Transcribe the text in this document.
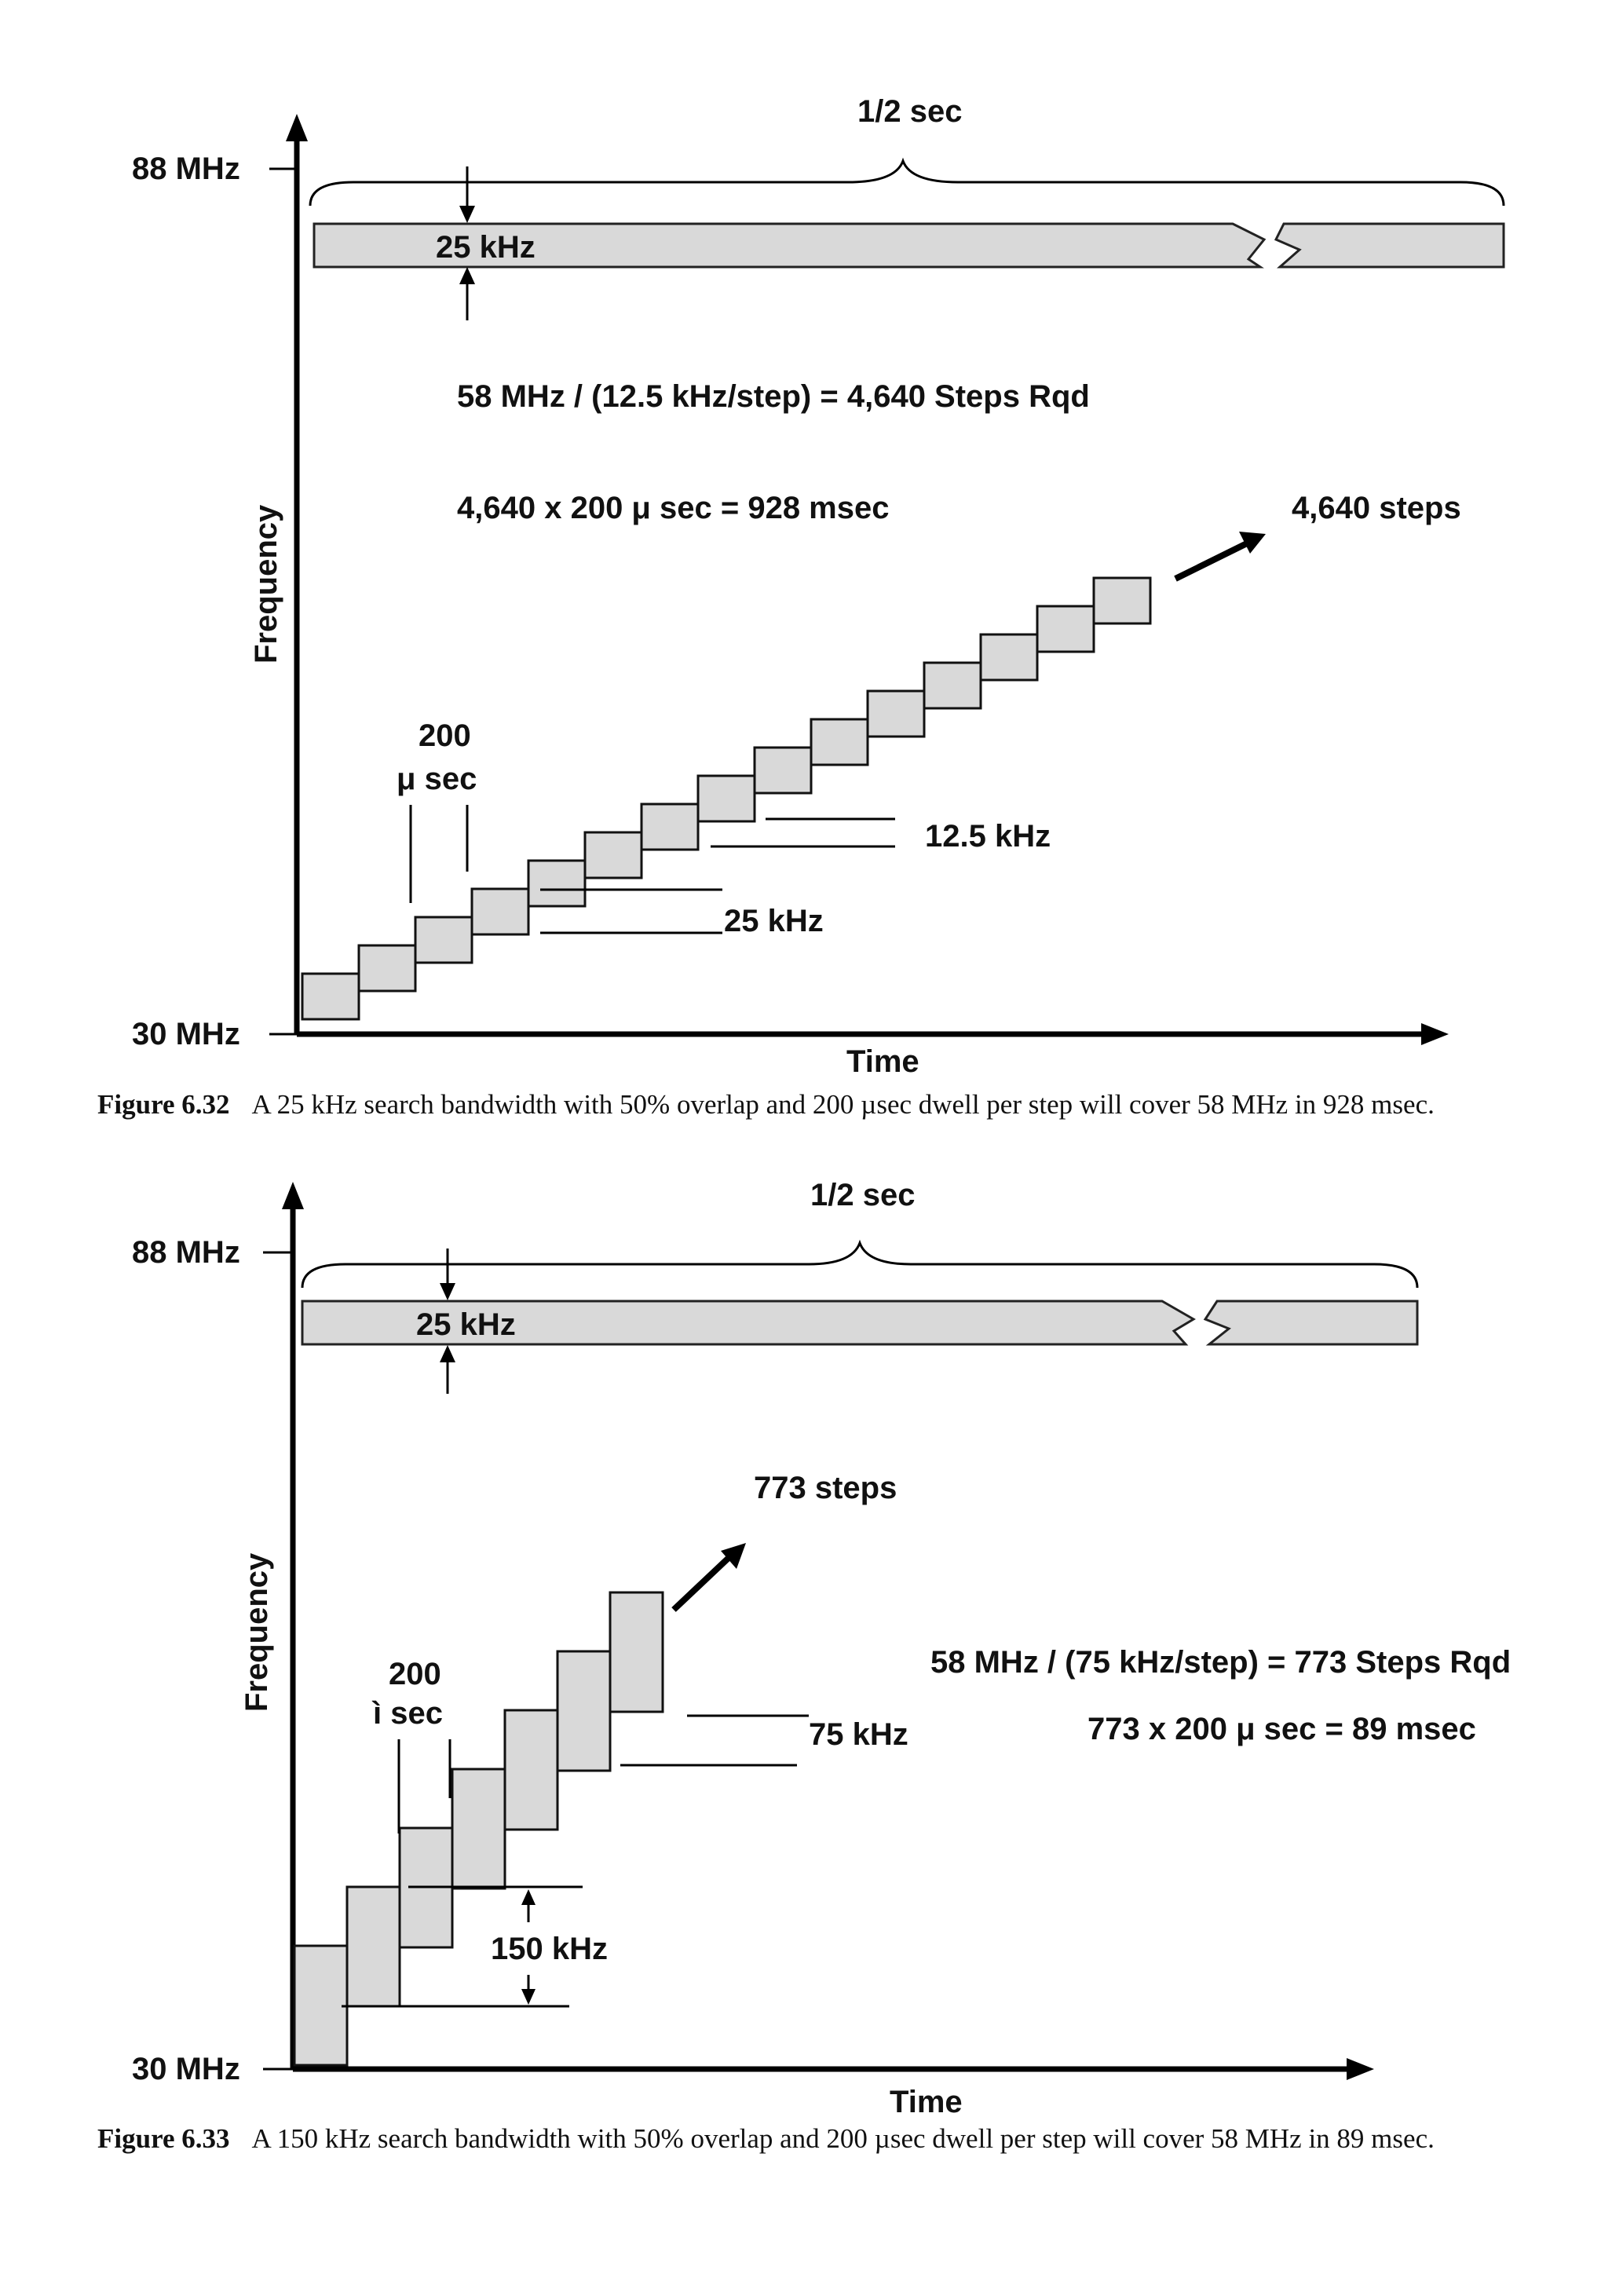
88 MHz
30 MHz
Frequency
Time
1/2 sec
25 kHz
58 MHz / (12.5 kHz/step) = 4,640 Steps Rqd
4,640 x 200 μ sec = 928 msec	4,640 steps
200
μ sec
12.5 kHz
25 kHz
Figure 6.32 A 25 kHz search bandwidth with 50% overlap and 200 µsec dwell per step will cover 58 MHz in 928 msec.
88 MHz
30 MHz
Frequency
Time
1/2 sec
25 kHz
773 steps
58 MHz / (75 kHz/step) = 773 Steps Rqd
773 x 200 μ sec = 89 msec
200
ì sec
75 kHz
150 kHz
Figure 6.33 A 150 kHz search bandwidth with 50% overlap and 200 µsec dwell per step will cover 58 MHz in 89 msec.
